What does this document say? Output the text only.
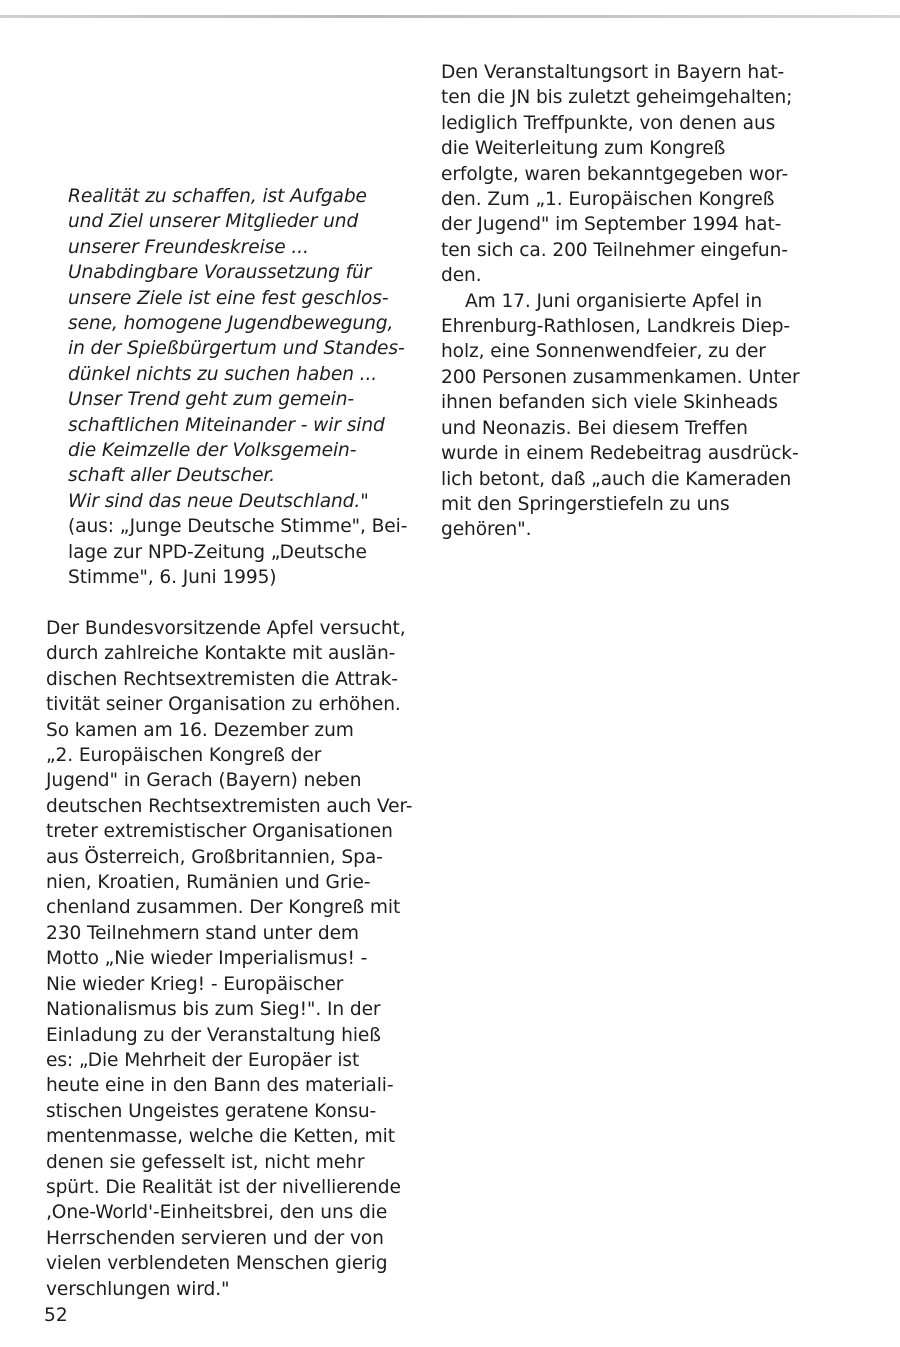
Realität zu schaffen, ist Aufgabe
und Ziel unserer Mitglieder und
unserer Freundeskreise ...
Unabdingbare Voraussetzung für
unsere Ziele ist eine fest geschlos-
sene, homogene Jugendbewegung,
in der Spießbürgertum und Standes-
dünkel nichts zu suchen haben ...
Unser Trend geht zum gemein-
schaftlichen Miteinander - wir sind
die Keimzelle der Volksgemein-
schaft aller Deutscher.
Wir sind das neue Deutschland."
(aus: „Junge Deutsche Stimme", Bei-
lage zur NPD-Zeitung „Deutsche
Stimme", 6. Juni 1995)
Der Bundesvorsitzende Apfel versucht,
durch zahlreiche Kontakte mit auslän-
dischen Rechtsextremisten die Attrak-
tivität seiner Organisation zu erhöhen.
So kamen am 16. Dezember zum
„2. Europäischen Kongreß der
Jugend" in Gerach (Bayern) neben
deutschen Rechtsextremisten auch Ver-
treter extremistischer Organisationen
aus Österreich, Großbritannien, Spa-
nien, Kroatien, Rumänien und Grie-
chenland zusammen. Der Kongreß mit
230 Teilnehmern stand unter dem
Motto „Nie wieder Imperialismus! -
Nie wieder Krieg! - Europäischer
Nationalismus bis zum Sieg!". In der
Einladung zu der Veranstaltung hieß
es: „Die Mehrheit der Europäer ist
heute eine in den Bann des materiali-
stischen Ungeistes geratene Konsu-
mentenmasse, welche die Ketten, mit
denen sie gefesselt ist, nicht mehr
spürt. Die Realität ist der nivellierende
‚One-World'-Einheitsbrei, den uns die
Herrschenden servieren und der von
vielen verblendeten Menschen gierig
verschlungen wird."
Den Veranstaltungsort in Bayern hat-
ten die JN bis zuletzt geheimgehalten;
lediglich Treffpunkte, von denen aus
die Weiterleitung zum Kongreß
erfolgte, waren bekanntgegeben wor-
den. Zum „1. Europäischen Kongreß
der Jugend" im September 1994 hat-
ten sich ca. 200 Teilnehmer eingefun-
den.
Am 17. Juni organisierte Apfel in
Ehrenburg-Rathlosen, Landkreis Diep-
holz, eine Sonnenwendfeier, zu der
200 Personen zusammenkamen. Unter
ihnen befanden sich viele Skinheads
und Neonazis. Bei diesem Treffen
wurde in einem Redebeitrag ausdrück-
lich betont, daß „auch die Kameraden
mit den Springerstiefeln zu uns
gehören".
52
